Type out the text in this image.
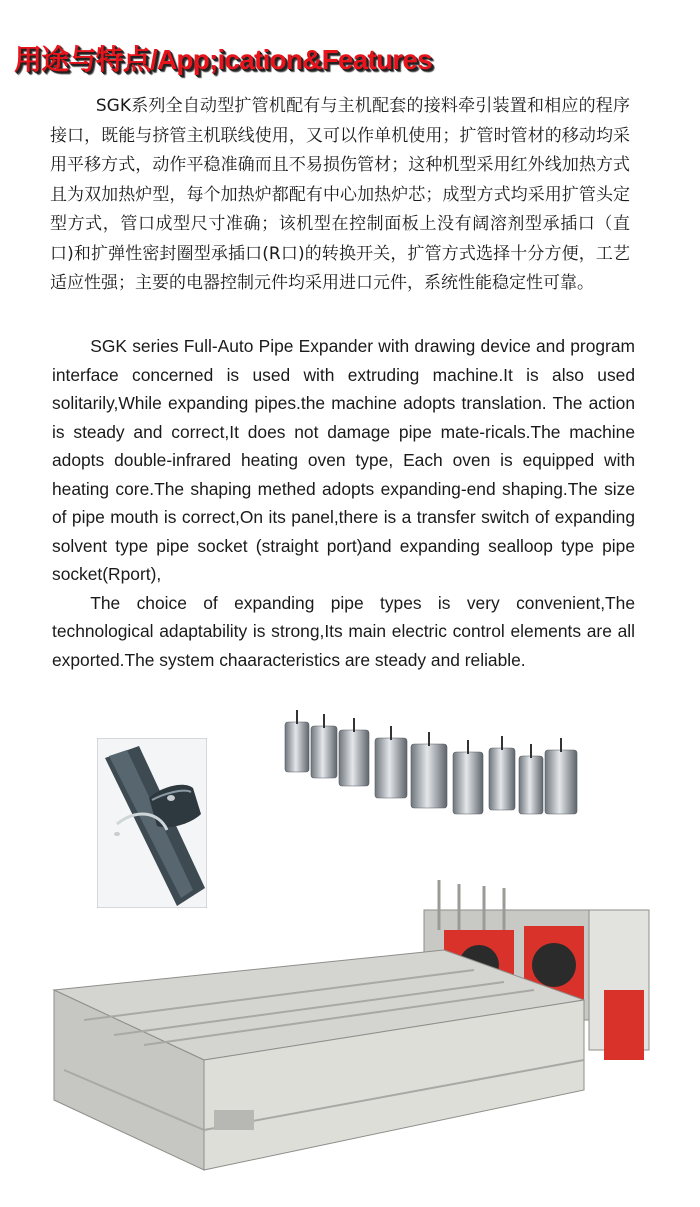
用途与特点/App;ication&Features

SGK系列全自动型扩管机配有与主机配套的接料牵引装置和相应的程序接口，既能与挤管主机联线使用，又可以作单机使用；扩管时管材的移动均采用平移方式，动作平稳准确而且不易损伤管材；这种机型采用红外线加热方式且为双加热炉型，每个加热炉都配有中心加热炉芯；成型方式均采用扩管头定型方式，管口成型尺寸准确；该机型在控制面板上没有阔溶剂型承插口（直口)和扩弹性密封圈型承插口(R口)的转换开关，扩管方式选择十分方便，工艺适应性强；主要的电器控制元件均采用进口元件，系统性能稳定性可靠。

SGK series Full-Auto Pipe Expander with drawing device and program interface concerned is used with extruding machine.It is also used solitarily,While expanding pipes.the machine adopts translation. The action is steady and correct,It does not damage pipe mate-ricals.The machine adopts double-infrared heating oven type, Each oven is equipped with heating core.The shaping methed adopts expanding-end shaping.The size of pipe mouth is correct,On its panel,there is a transfer switch of expanding solvent type pipe socket (straight port)and expanding sealloop type pipe socket(Rport),

The choice of expanding pipe types is very convenient,The technological adaptability is strong,Its main electric control elements are all exported.The system chaaracteristics are steady and reliable.
